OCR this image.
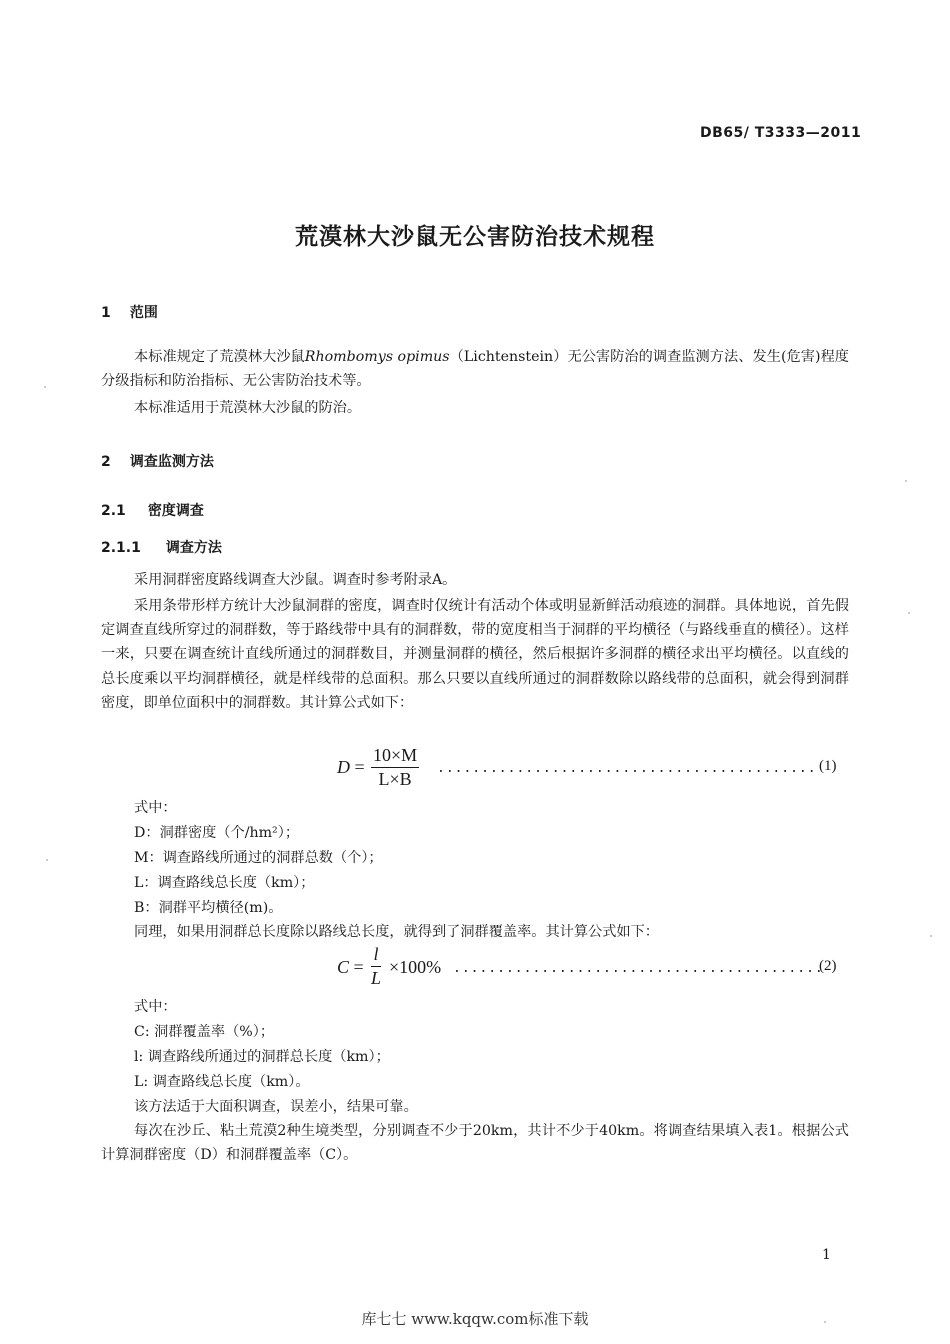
DB65/ T3333—2011
荒漠林大沙鼠无公害防治技术规程
1 范围
本标准规定了荒漠林大沙鼠Rhombomys opimus（Lichtenstein）无公害防治的调查监测方法、发生(危害)程度分级指标和防治指标、无公害防治技术等。
本标准适用于荒漠林大沙鼠的防治。
2 调查监测方法
2.1 密度调查
2.1.1 调查方法
采用洞群密度路线调查大沙鼠。调查时参考附录A。
采用条带形样方统计大沙鼠洞群的密度，调查时仅统计有活动个体或明显新鲜活动痕迹的洞群。具体地说，首先假定调查直线所穿过的洞群数，等于路线带中具有的洞群数，带的宽度相当于洞群的平均横径（与路线垂直的横径）。这样一来，只要在调查统计直线所通过的洞群数目，并测量洞群的横径，然后根据许多洞群的横径求出平均横径。以直线的总长度乘以平均洞群横径，就是样线带的总面积。那么只要以直线所通过的洞群数除以路线带的总面积，就会得到洞群密度，即单位面积中的洞群数。其计算公式如下：
$D = \frac{10\times M}{L\times B}$ ........................................... (1)
式中：
D：洞群密度（个/hm²）；
M：调查路线所通过的洞群总数（个）；
L：调查路线总长度（km）；
B：洞群平均横径(m)。
同理，如果用洞群总长度除以路线总长度，就得到了洞群覆盖率。其计算公式如下：
$C = \frac{l}{L} \times 100\%$ ..........................................
(2)
式中：
C: 洞群覆盖率（%）；
l: 调查路线所通过的洞群总长度（km）；
L: 调查路线总长度（km）。
该方法适于大面积调查，误差小，结果可靠。
每次在沙丘、粘土荒漠2种生境类型，分别调查不少于20km，共计不少于40km。将调查结果填入表1。根据公式计算洞群密度（D）和洞群覆盖率（C）。
1
库七七 www.kqqw.com标准下载
